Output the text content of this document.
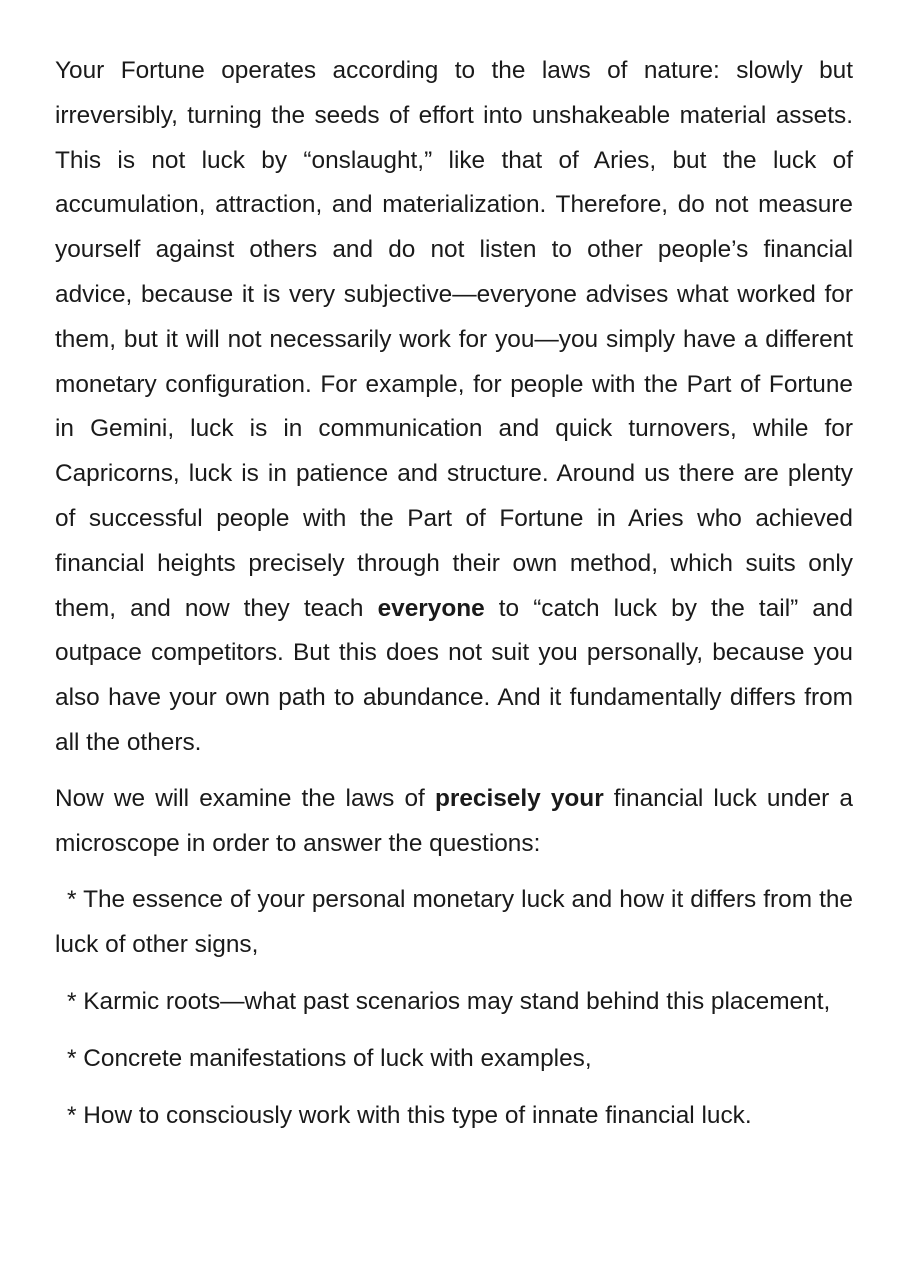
Your Fortune operates according to the laws of nature: slowly but irreversibly, turning the seeds of effort into unshakeable material assets. This is not luck by “onslaught,” like that of Aries, but the luck of accumulation, attraction, and materialization. Therefore, do not measure yourself against others and do not listen to other people’s financial advice, because it is very subjective—everyone advises what worked for them, but it will not necessarily work for you—you simply have a different monetary configuration. For example, for people with the Part of Fortune in Gemini, luck is in communication and quick turnovers, while for Capricorns, luck is in patience and structure. Around us there are plenty of successful people with the Part of Fortune in Aries who achieved financial heights precisely through their own method, which suits only them, and now they teach everyone to “catch luck by the tail” and outpace competitors. But this does not suit you personally, because you also have your own path to abundance. And it fundamentally differs from all the others.

Now we will examine the laws of precisely your financial luck under a microscope in order to answer the questions:

* The essence of your personal monetary luck and how it differs from the luck of other signs,

* Karmic roots—what past scenarios may stand behind this placement,

* Concrete manifestations of luck with examples,

* How to consciously work with this type of innate financial luck.
